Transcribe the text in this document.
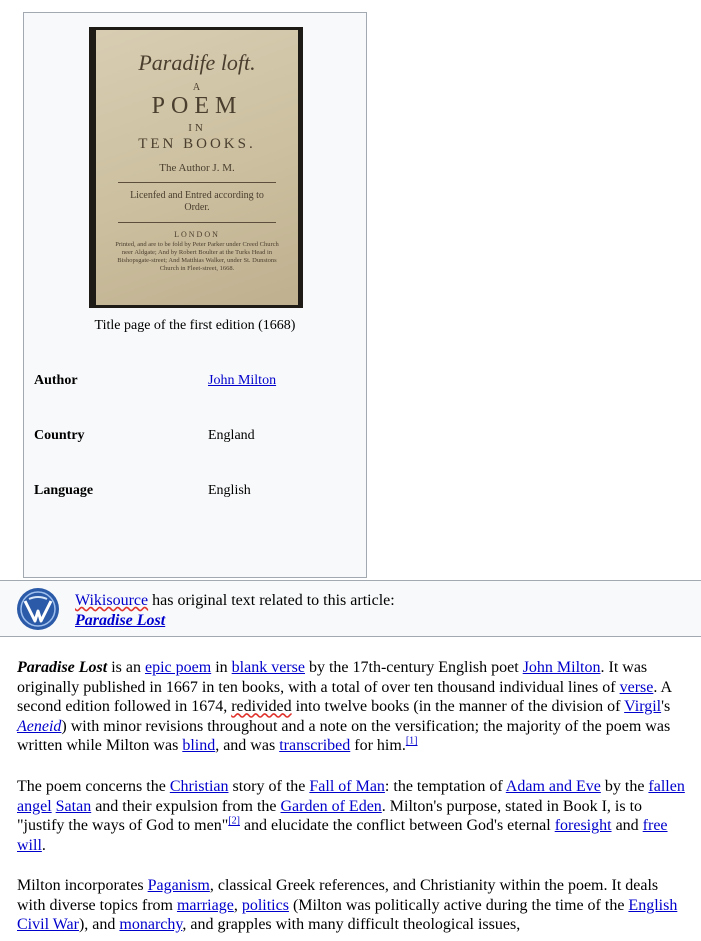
Paradife loft.
A
POEM
IN
TEN BOOKS.
The Author J. M.
Licenfed and Entred according to Order.
LONDON
Printed, and are to be fold by Peter Parker under Creed Church neer Aldgate; And by Robert Boulter at the Turks Head in Bishopsgate-street; And Matthias Walker, under St. Dunstons Church in Fleet-street, 1668.
Title page of the first edition (1668)
Author	John Milton
Country	England
Language	English
Wikisource has original text related to this article:
Paradise Lost

Paradise Lost is an epic poem in blank verse by the 17th-century English poet John Milton. It was originally published in 1667 in ten books, with a total of over ten thousand individual lines of verse. A second edition followed in 1674, redivided into twelve books (in the manner of the division of Virgil's Aeneid) with minor revisions throughout and a note on the versification; the majority of the poem was written while Milton was blind, and was transcribed for him.[1]

The poem concerns the Christian story of the Fall of Man: the temptation of Adam and Eve by the fallen angel Satan and their expulsion from the Garden of Eden. Milton's purpose, stated in Book I, is to "justify the ways of God to men"[2] and elucidate the conflict between God's eternal foresight and free will.

Milton incorporates Paganism, classical Greek references, and Christianity within the poem. It deals with diverse topics from marriage, politics (Milton was politically active during the time of the English Civil War), and monarchy, and grapples with many difficult theological issues,
